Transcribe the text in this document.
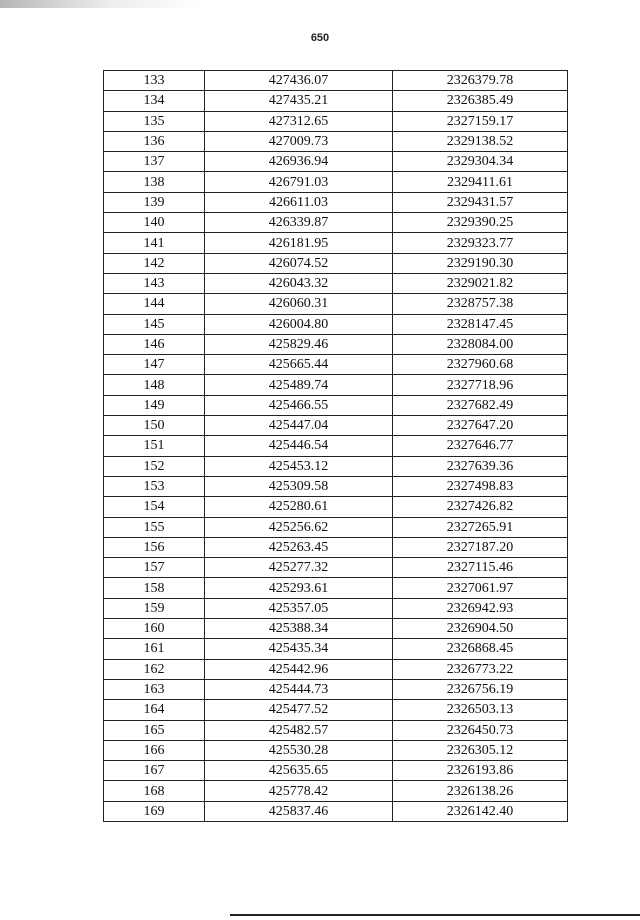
650
133	427436.07	2326379.78
134	427435.21	2326385.49
135	427312.65	2327159.17
136	427009.73	2329138.52
137	426936.94	2329304.34
138	426791.03	2329411.61
139	426611.03	2329431.57
140	426339.87	2329390.25
141	426181.95	2329323.77
142	426074.52	2329190.30
143	426043.32	2329021.82
144	426060.31	2328757.38
145	426004.80	2328147.45
146	425829.46	2328084.00
147	425665.44	2327960.68
148	425489.74	2327718.96
149	425466.55	2327682.49
150	425447.04	2327647.20
151	425446.54	2327646.77
152	425453.12	2327639.36
153	425309.58	2327498.83
154	425280.61	2327426.82
155	425256.62	2327265.91
156	425263.45	2327187.20
157	425277.32	2327115.46
158	425293.61	2327061.97
159	425357.05	2326942.93
160	425388.34	2326904.50
161	425435.34	2326868.45
162	425442.96	2326773.22
163	425444.73	2326756.19
164	425477.52	2326503.13
165	425482.57	2326450.73
166	425530.28	2326305.12
167	425635.65	2326193.86
168	425778.42	2326138.26
169	425837.46	2326142.40
